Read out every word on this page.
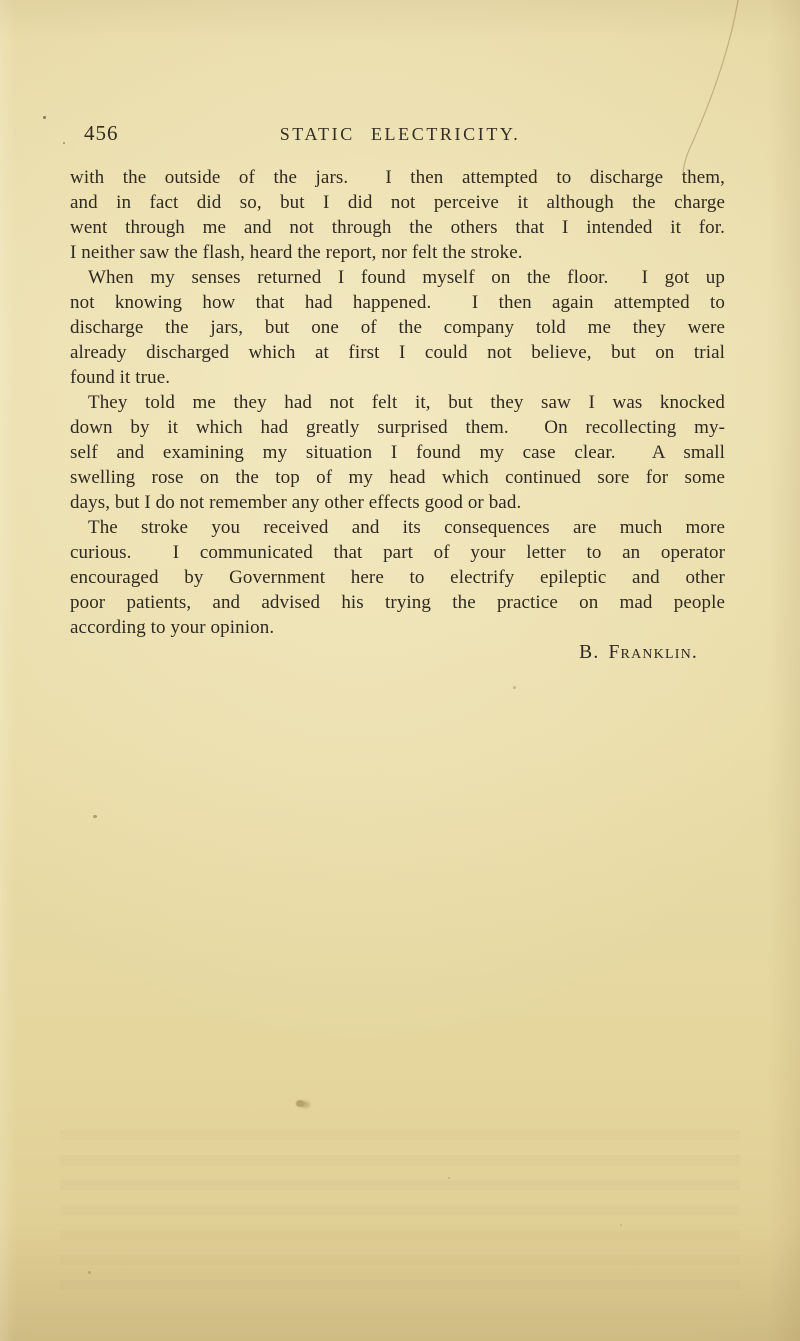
456	STATIC ELECTRICITY.
with the outside of the jars.  I then attempted to discharge them,
and in fact did so, but I did not perceive it although the charge
went through me and not through the others that I intended it for.
I neither saw the flash, heard the report, nor felt the stroke.
When my senses returned I found myself on the floor.  I got up
not knowing how that had happened.  I then again attempted to
discharge the jars, but one of the company told me they were
already discharged which at first I could not believe, but on trial
found it true.
They told me they had not felt it, but they saw I was knocked
down by it which had greatly surprised them.  On recollecting my-
self and examining my situation I found my case clear.  A small
swelling rose on the top of my head which continued sore for some
days, but I do not remember any other effects good or bad.
The stroke you received and its consequences are much more
curious.  I communicated that part of your letter to an operator
encouraged by Government here to electrify epileptic and other
poor patients, and advised his trying the practice on mad people
according to your opinion.
B. Franklin.
